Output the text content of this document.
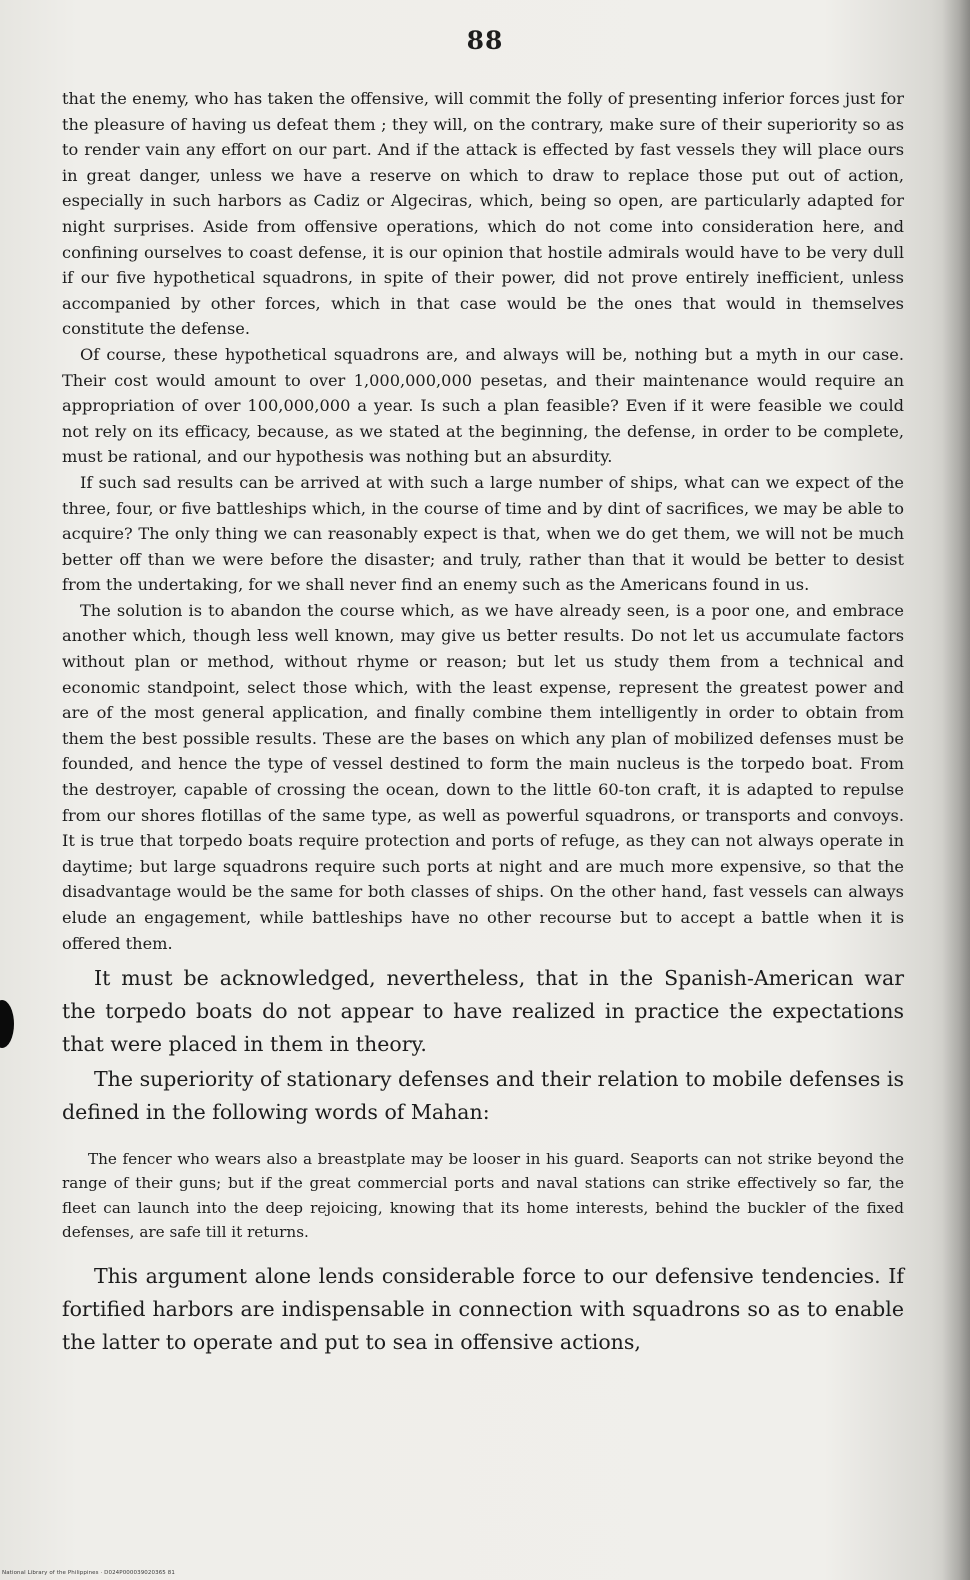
88

that the enemy, who has taken the offensive, will commit the folly of presenting inferior forces just for the pleasure of having us defeat them ; they will, on the contrary, make sure of their superiority so as to render vain any effort on our part. And if the attack is effected by fast vessels they will place ours in great danger, unless we have a reserve on which to draw to replace those put out of action, especially in such harbors as Cadiz or Algeciras, which, being so open, are particularly adapted for night surprises. Aside from offensive operations, which do not come into consideration here, and confining ourselves to coast defense, it is our opinion that hostile admirals would have to be very dull if our five hypothetical squadrons, in spite of their power, did not prove entirely inefficient, unless accompanied by other forces, which in that case would be the ones that would in themselves constitute the defense.

Of course, these hypothetical squadrons are, and always will be, nothing but a myth in our case. Their cost would amount to over 1,000,000,000 pesetas, and their maintenance would require an appropriation of over 100,000,000 a year. Is such a plan feasible? Even if it were feasible we could not rely on its efficacy, because, as we stated at the beginning, the defense, in order to be complete, must be rational, and our hypothesis was nothing but an absurdity.

If such sad results can be arrived at with such a large number of ships, what can we expect of the three, four, or five battleships which, in the course of time and by dint of sacrifices, we may be able to acquire? The only thing we can reasonably expect is that, when we do get them, we will not be much better off than we were before the disaster; and truly, rather than that it would be better to desist from the undertaking, for we shall never find an enemy such as the Americans found in us.

The solution is to abandon the course which, as we have already seen, is a poor one, and embrace another which, though less well known, may give us better results. Do not let us accumulate factors without plan or method, without rhyme or reason; but let us study them from a technical and economic standpoint, select those which, with the least expense, represent the greatest power and are of the most general application, and finally combine them intelligently in order to obtain from them the best possible results. These are the bases on which any plan of mobilized defenses must be founded, and hence the type of vessel destined to form the main nucleus is the torpedo boat. From the destroyer, capable of crossing the ocean, down to the little 60-ton craft, it is adapted to repulse from our shores flotillas of the same type, as well as powerful squadrons, or transports and convoys. It is true that torpedo boats require protection and ports of refuge, as they can not always operate in daytime; but large squadrons require such ports at night and are much more expensive, so that the disadvantage would be the same for both classes of ships. On the other hand, fast vessels can always elude an engagement, while battleships have no other recourse but to accept a battle when it is offered them.

It must be acknowledged, nevertheless, that in the Spanish-American war the torpedo boats do not appear to have realized in practice the expectations that were placed in them in theory.

The superiority of stationary defenses and their relation to mobile defenses is defined in the following words of Mahan:

The fencer who wears also a breastplate may be looser in his guard. Seaports can not strike beyond the range of their guns; but if the great commercial ports and naval stations can strike effectively so far, the fleet can launch into the deep rejoicing, knowing that its home interests, behind the buckler of the fixed defenses, are safe till it returns.

This argument alone lends considerable force to our defensive tendencies. If fortified harbors are indispensable in connection with squadrons so as to enable the latter to operate and put to sea in offensive actions,

National Library of the Philippines · D024P000039020365 81
